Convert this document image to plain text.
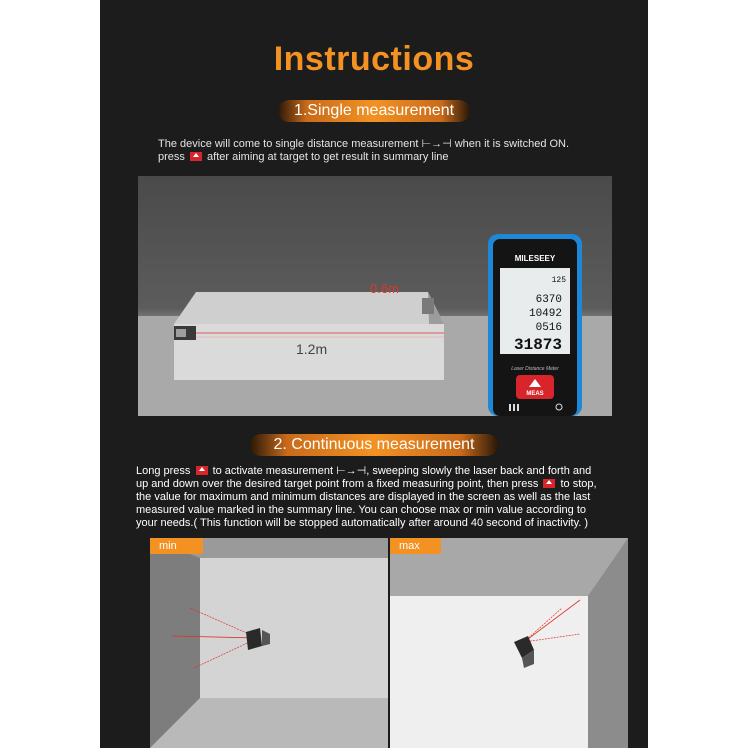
Instructions
1.Single measurement
The device will come to single distance measurement ⊢→⊣ when it is switched ON.
press after aiming at target to get result in summary line
0.6m
1.2m
MILESEEY
125
6370
10492
0516
31873
Laser Distance Meter
MEAS
2. Continuous measurement
Long press to activate measurement ⊢→⊣, sweeping slowly the laser back and forth and
up and down over the desired target point from a fixed measuring point, then press to stop,
the value for maximum and minimum distances are displayed in the screen as well as the last
measured value marked in the summary line. You can choose max or min value according to
your needs.( This function will be stopped automatically after around 40 second of inactivity. )
min	max
